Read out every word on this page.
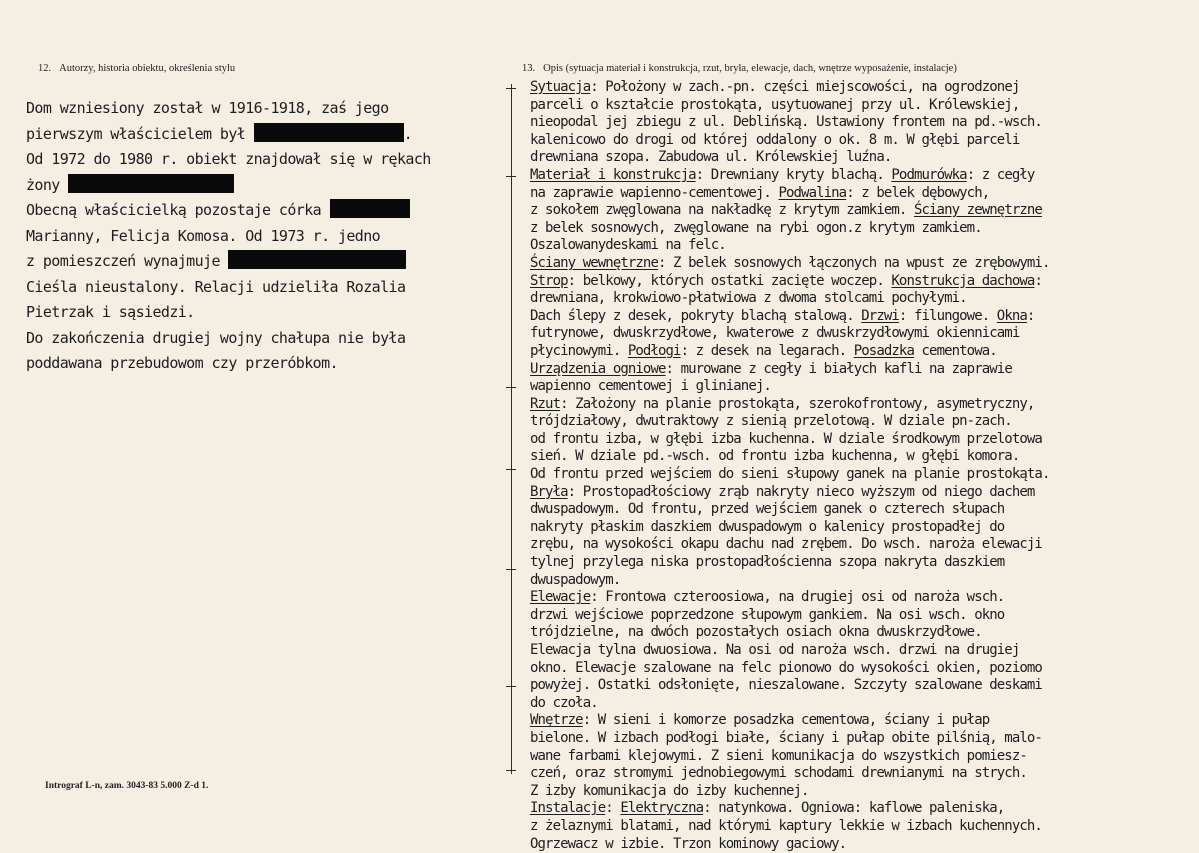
12. Autorzy, historia obiektu, określenia stylu	13. Opis (sytuacja materiał i konstrukcja, rzut, bryła, elewacje, dach, wnętrze wyposażenie, instalacje)
Dom wzniesiony został w 1916-1918, zaś jego
pierwszym właścicielem był	.
Od 1972 do 1980 r. obiekt znajdował się w rękach
żony
Obecną właścicielką pozostaje córka
Marianny, Felicja Komosa. Od 1973 r. jedno
z pomieszczeń wynajmuje
Cieśla nieustalony. Relacji udzieliła Rozalia
Pietrzak i sąsiedzi.
Do zakończenia drugiej wojny chałupa nie była
poddawana przebudowom czy przeróbkom.
Sytuacja: Położony w zach.-pn. części miejscowości, na ogrodzonej
parceli o kształcie prostokąta, usytuowanej przy ul. Królewskiej,
nieopodal jej zbiegu z ul. Deblińską. Ustawiony frontem na pd.-wsch.
kalenicowo do drogi od której oddalony o ok. 8 m. W głębi parceli
drewniana szopa. Zabudowa ul. Królewskiej luźna.
Materiał i konstrukcja: Drewniany kryty blachą. Podmurówka: z cegły
na zaprawie wapienno-cementowej. Podwalina: z belek dębowych,
z sokołem zwęglowana na nakładkę z krytym zamkiem. Ściany zewnętrzne
z belek sosnowych, zwęglowane na rybi ogon.z krytym zamkiem.
Oszalowanydeskami na felc.
Ściany wewnętrzne: Z belek sosnowych łączonych na wpust ze zrębowymi.
Strop: belkowy, których ostatki zacięte woczep. Konstrukcja dachowa:
drewniana, krokwiowo-płatwiowa z dwoma stolcami pochyłymi.
Dach ślepy z desek, pokryty blachą stalową. Drzwi: filungowe. Okna:
futrynowe, dwuskrzydłowe, kwaterowe z dwuskrzydłowymi okiennicami
płycinowymi. Podłogi: z desek na legarach. Posadzka cementowa.
Urządzenia ogniowe: murowane z cegły i białych kafli na zaprawie
wapienno cementowej i glinianej.
Rzut: Założony na planie prostokąta, szerokofrontowy, asymetryczny,
trójdziałowy, dwutraktowy z sienią przelotową. W dziale pn-zach.
od frontu izba, w głębi izba kuchenna. W dziale środkowym przelotowa
sień. W dziale pd.-wsch. od frontu izba kuchenna, w głębi komora.
Od frontu przed wejściem do sieni słupowy ganek na planie prostokąta.
Bryła: Prostopadłościowy zrąb nakryty nieco wyższym od niego dachem
dwuspadowym. Od frontu, przed wejściem ganek o czterech słupach
nakryty płaskim daszkiem dwuspadowym o kalenicy prostopadłej do
zrębu, na wysokości okapu dachu nad zrębem. Do wsch. naroża elewacji
tylnej przylega niska prostopadłościenna szopa nakryta daszkiem
dwuspadowym.
Elewacje: Frontowa czteroosiowa, na drugiej osi od naroża wsch.
drzwi wejściowe poprzedzone słupowym gankiem. Na osi wsch. okno
trójdzielne, na dwóch pozostałych osiach okna dwuskrzydłowe.
Elewacja tylna dwuosiowa. Na osi od naroża wsch. drzwi na drugiej
okno. Elewacje szalowane na felc pionowo do wysokości okien, poziomo
powyżej. Ostatki odsłonięte, nieszalowane. Szczyty szalowane deskami
do czoła.
Wnętrze: W sieni i komorze posadzka cementowa, ściany i pułap
bielone. W izbach podłogi białe, ściany i pułap obite pilśnią, malo-
wane farbami klejowymi. Z sieni komunikacja do wszystkich pomiesz-
czeń, oraz stromymi jednobiegowymi schodami drewnianymi na strych.
Z izby komunikacja do izby kuchennej.
Instalacje: Elektryczna: natynkowa. Ogniowa: kaflowe paleniska,
z żelaznymi blatami, nad którymi kaptury lekkie w izbach kuchennych.
Ogrzewacz w izbie. Trzon kominowy gaciowy.
Intrograf L-n, zam. 3043-83 5.000 Z-d 1.
